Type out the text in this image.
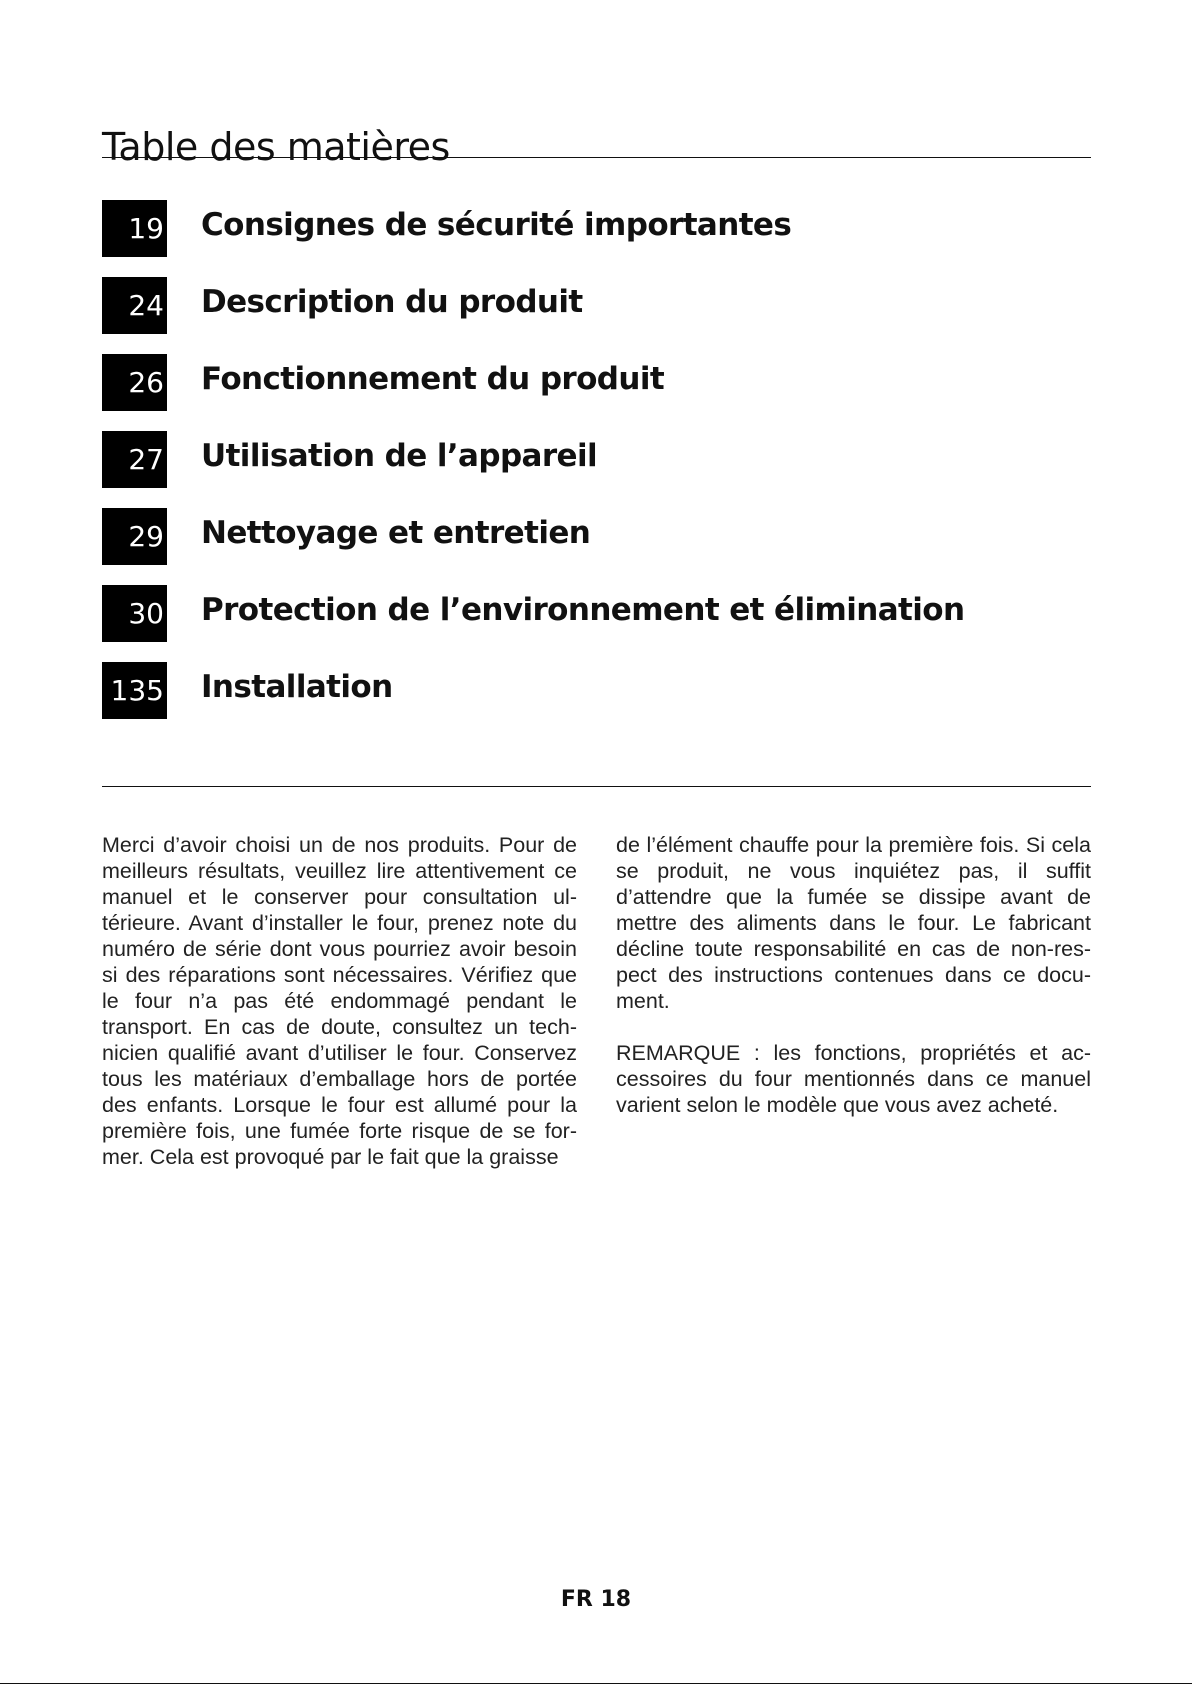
Table des matières
19 Consignes de sécurité importantes
24 Description du produit
26 Fonctionnement du produit
27 Utilisation de l’appareil
29 Nettoyage et entretien
30 Protection de l’environnement et élimination
135 Installation

Merci d’avoir choisi un de nos produits. Pour de meilleurs résultats, veuillez lire attentivement ce manuel et le conserver pour consultation ultérieure. Avant d’installer le four, prenez note du numéro de série dont vous pourriez avoir besoin si des réparations sont nécessaires. Vérifiez que le four n’a pas été endommagé pendant le transport. En cas de doute, consultez un technicien qualifié avant d’utiliser le four. Conservez tous les matériaux d’emballage hors de portée des enfants. Lorsque le four est allumé pour la première fois, une fumée forte risque de se former. Cela est provoqué par le fait que la graisse

de l’élément chauffe pour la première fois. Si cela se produit, ne vous inquiétez pas, il suffit d’attendre que la fumée se dissipe avant de mettre des aliments dans le four. Le fabricant décline toute responsabilité en cas de non-respect des instructions contenues dans ce document.

REMARQUE : les fonctions, propriétés et accessoires du four mentionnés dans ce manuel varient selon le modèle que vous avez acheté.

FR 18
